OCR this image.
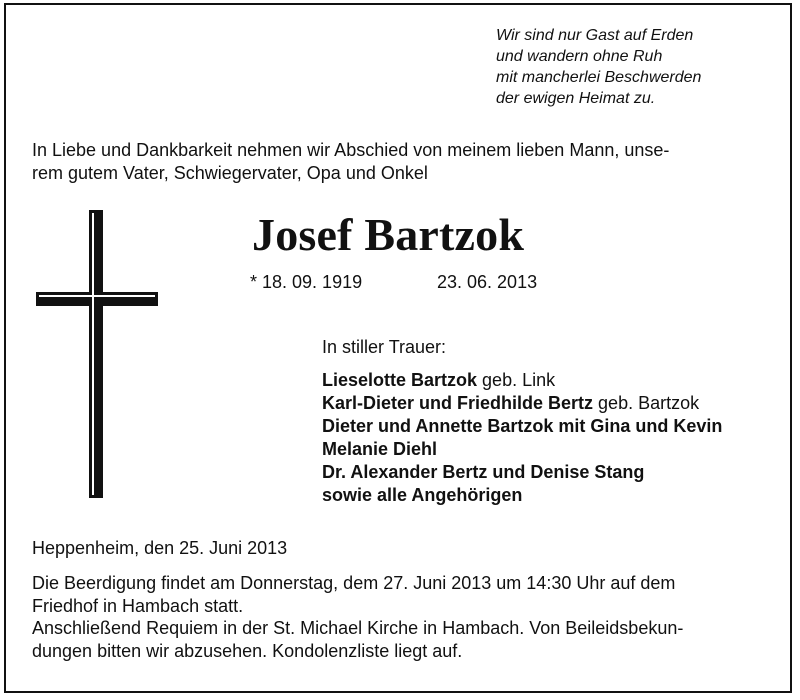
Wir sind nur Gast auf Erden
und wandern ohne Ruh
mit mancherlei Beschwerden
der ewigen Heimat zu.
In Liebe und Dankbarkeit nehmen wir Abschied von meinem lieben Mann, unse-
rem gutem Vater, Schwiegervater, Opa und Onkel
Josef Bartzok
* 18. 09. 1919	23. 06. 2013
In stiller Trauer:
Lieselotte Bartzok geb. Link
Karl-Dieter und Friedhilde Bertz geb. Bartzok
Dieter und Annette Bartzok mit Gina und Kevin
Melanie Diehl
Dr. Alexander Bertz und Denise Stang
sowie alle Angehörigen
Heppenheim, den 25. Juni 2013
Die Beerdigung findet am Donnerstag, dem 27. Juni 2013 um 14:30 Uhr auf dem
Friedhof in Hambach statt.
Anschließend Requiem in der St. Michael Kirche in Hambach. Von Beileidsbekun-
dungen bitten wir abzusehen. Kondolenzliste liegt auf.
